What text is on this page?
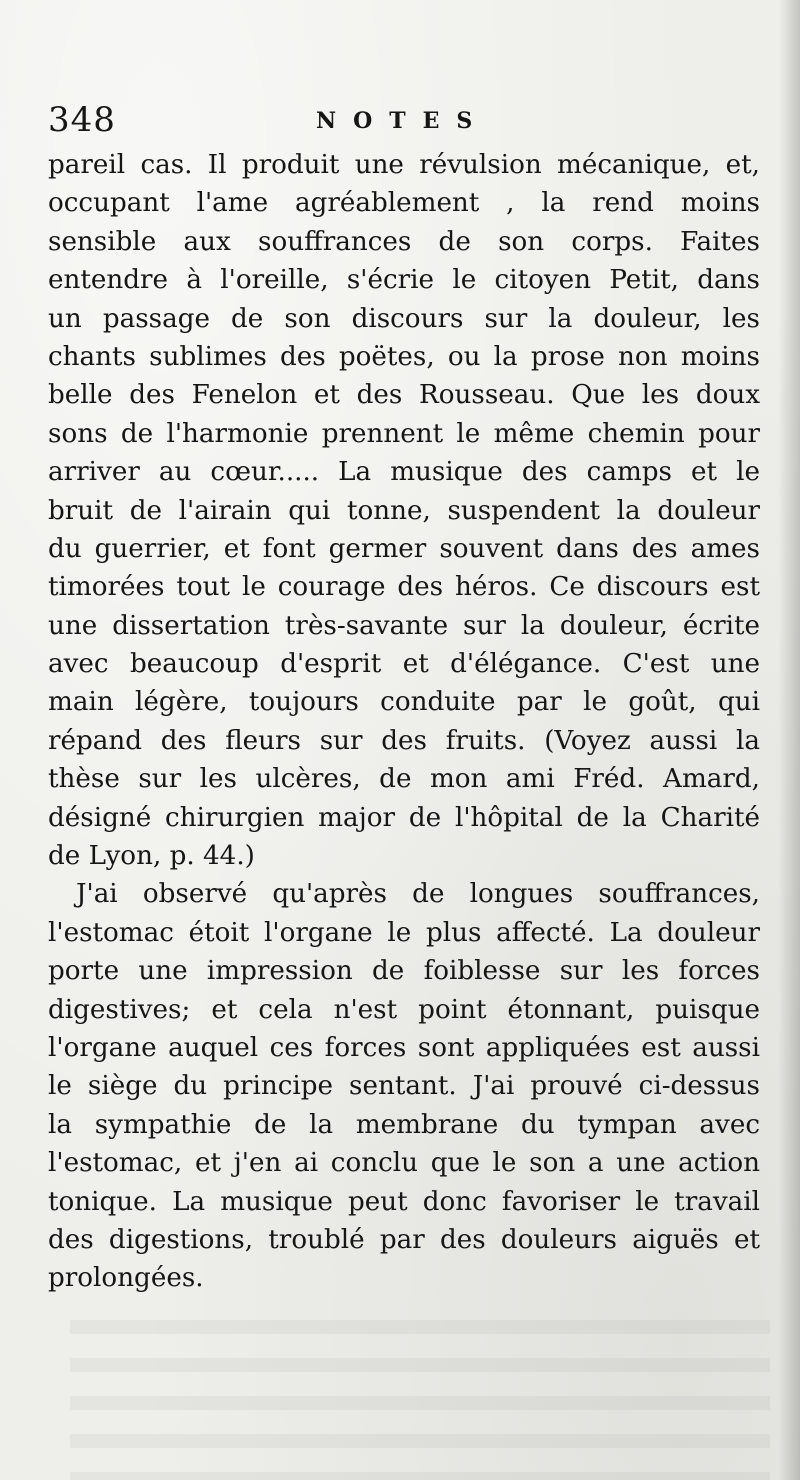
348	NOTES
pareil cas. Il produit une révulsion mécanique, et,
occupant l'ame agréablement , la rend moins
sensible aux souffrances de son corps. Faites
entendre à l'oreille, s'écrie le citoyen Petit, dans
un passage de son discours sur la douleur, les
chants sublimes des poëtes, ou la prose non moins
belle des Fenelon et des Rousseau. Que les doux
sons de l'harmonie prennent le même chemin pour
arriver au cœur..... La musique des camps et le
bruit de l'airain qui tonne, suspendent la douleur
du guerrier, et font germer souvent dans des ames
timorées tout le courage des héros. Ce discours est
une dissertation très-savante sur la douleur, écrite
avec beaucoup d'esprit et d'élégance. C'est une
main légère, toujours conduite par le goût, qui
répand des fleurs sur des fruits. (Voyez aussi la
thèse sur les ulcères, de mon ami Fréd. Amard,
désigné chirurgien major de l'hôpital de la Charité
de Lyon, p. 44.)
J'ai observé qu'après de longues souffrances,
l'estomac étoit l'organe le plus affecté. La douleur
porte une impression de foiblesse sur les forces
digestives; et cela n'est point étonnant, puisque
l'organe auquel ces forces sont appliquées est aussi
le siège du principe sentant. J'ai prouvé ci-dessus
la sympathie de la membrane du tympan avec
l'estomac, et j'en ai conclu que le son a une action
tonique. La musique peut donc favoriser le travail
des digestions, troublé par des douleurs aiguës et
prolongées.
